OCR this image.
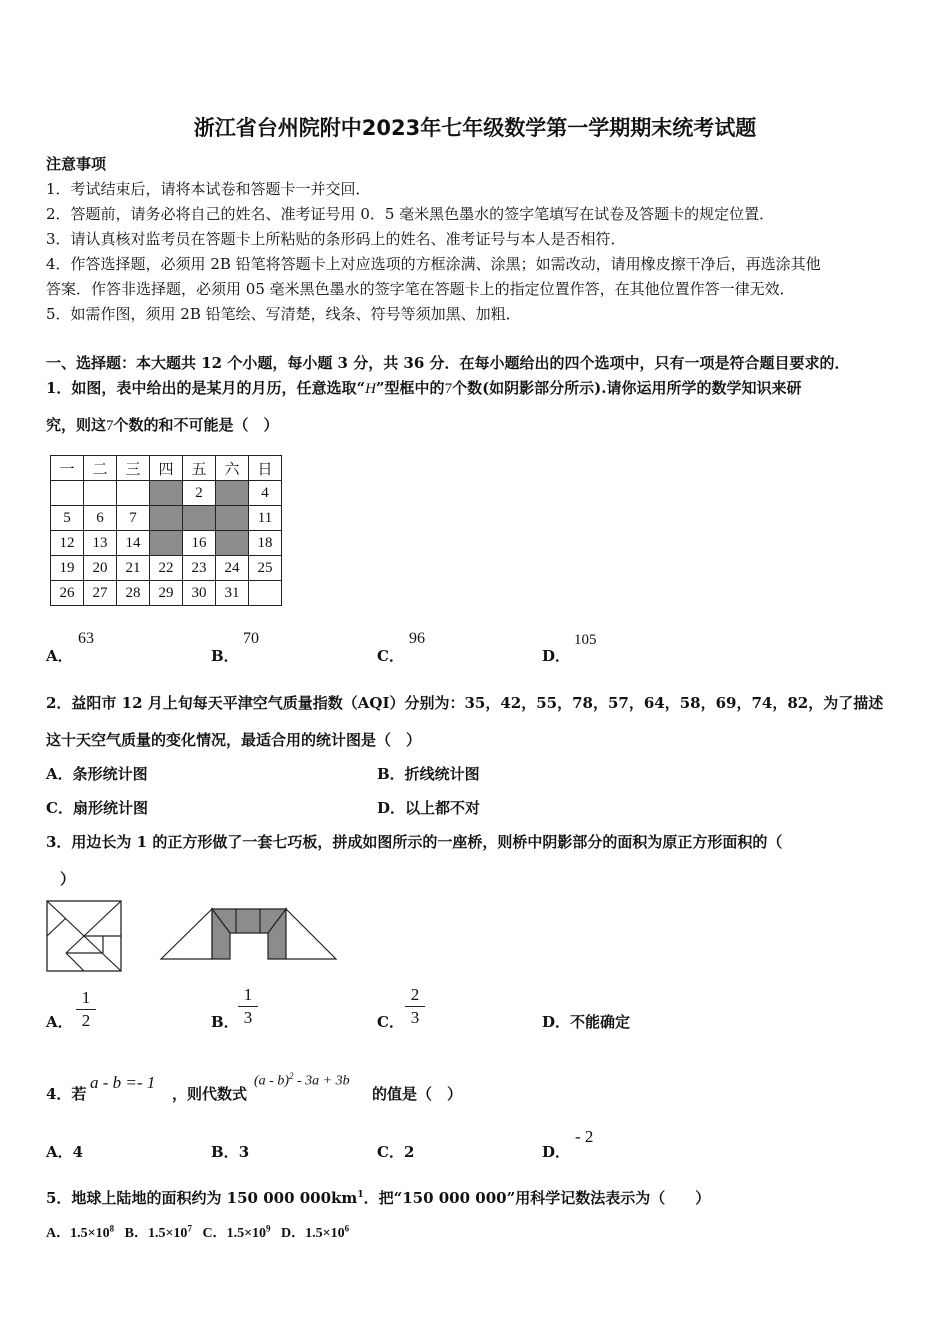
浙江省台州院附中2023年七年级数学第一学期期末统考试题
注意事项
1．考试结束后，请将本试卷和答题卡一并交回．
2．答题前，请务必将自己的姓名、准考证号用 0．5 毫米黑色墨水的签字笔填写在试卷及答题卡的规定位置．
3．请认真核对监考员在答题卡上所粘贴的条形码上的姓名、准考证号与本人是否相符．
4．作答选择题，必须用 2B 铅笔将答题卡上对应选项的方框涂满、涂黑；如需改动，请用橡皮擦干净后，再选涂其他
答案．作答非选择题，必须用 05 毫米黑色墨水的签字笔在答题卡上的指定位置作答，在其他位置作答一律无效．
5．如需作图，须用 2B 铅笔绘、写清楚，线条、符号等须加黑、加粗．
一、选择题：本大题共 12 个小题，每小题 3 分，共 36 分．在每小题给出的四个选项中，只有一项是符合题目要求的．
1．如图，表中给出的是某月的月历，任意选取“H”型框中的7个数(如阴影部分所示).请你运用所学的数学知识来研
究，则这7个数的和不可能是（　）
一	二	三	四	五	六	日
				2		4
5	6	7				11
12	13	14		16		18
19	20	21	22	23	24	25
26	27	28	29	30	31	
A．
63
B．
70
C．
96
D．
105
2．益阳市 12 月上旬每天平津空气质量指数（AQI）分别为：35，42，55，78，57，64，58，69，74，82，为了描述
这十天空气质量的变化情况，最适合用的统计图是（　）
A．条形统计图	B．折线统计图
C．扇形统计图	D．以上都不对
3．用边长为 1 的正方形做了一套七巧板，拼成如图所示的一座桥，则桥中阴影部分的面积为原正方形面积的（
）
A．
1
2	B．
1
3	C．
2
3	D．不能确定
4．若
a - b =- 1
，则代数式
(a - b)$^2$ - 3a + 3b
的值是（　）
A．4	B．3	C．2	D．
- 2
5．地球上陆地的面积约为 150 000 $000km^1$．把“150 000 000”用科学记数法表示为（　　）
A．$1.5\times 10^8$ B．$1.5\times 10^7$ C．$1.5\times 10^9$ D．$1.5\times 10^6$
